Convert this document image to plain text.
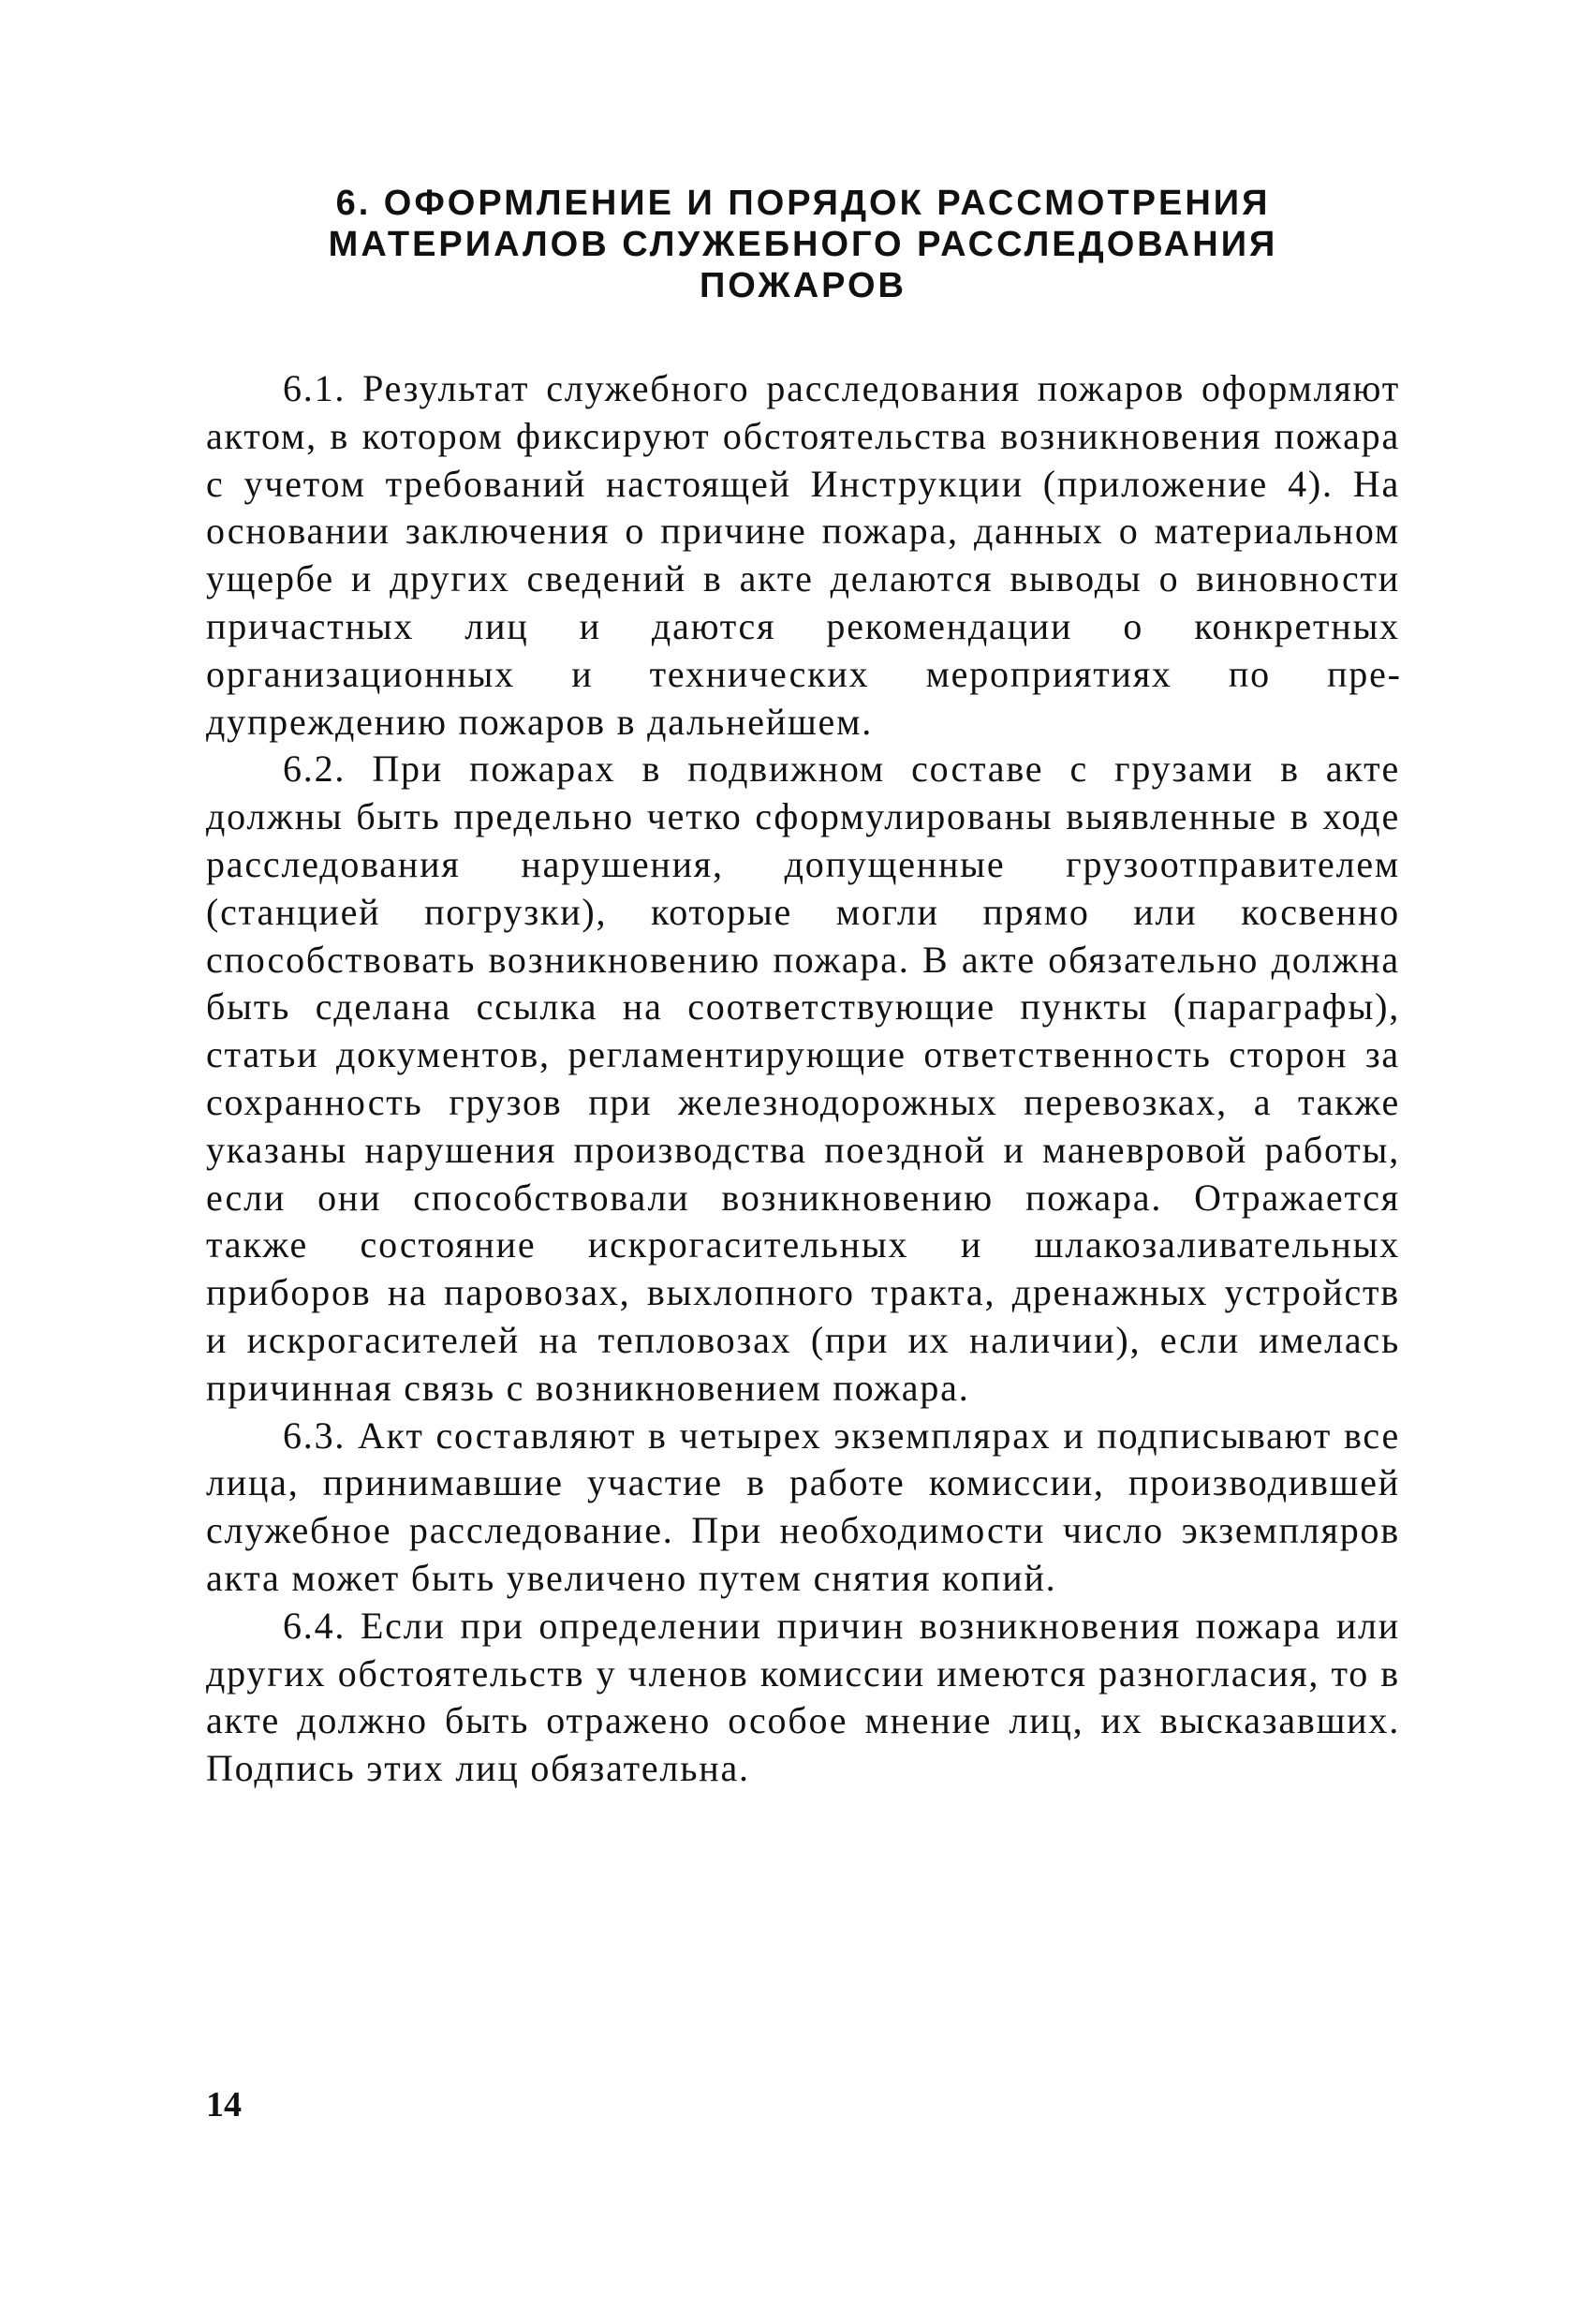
6. ОФОРМЛЕНИЕ И ПОРЯДОК РАССМОТРЕНИЯ
МАТЕРИАЛОВ СЛУЖЕБНОГО РАССЛЕДОВАНИЯ
ПОЖАРОВ

6.1. Результат служебного расследования пожаров оформляют актом, в котором фиксируют обстоятельства возникновения пожара с учетом требований настоящей Инструкции (приложение 4). На основании заключения о причине пожара, данных о материальном ущербе и других сведений в акте делаются выводы о виновности причастных лиц и даются рекомендации о конкретных организационных и технических мероприятиях по предупреждению пожаров в дальнейшем.

6.2. При пожарах в подвижном составе с грузами в акте должны быть предельно четко сформулированы выявленные в ходе расследования нарушения, допущенные грузоотправителем (станцией погрузки), которые могли прямо или косвенно способствовать возникновению пожара. В акте обязательно должна быть сделана ссылка на соответствующие пункты (параграфы), статьи документов, регламентирующие ответственность сторон за сохранность грузов при железнодорожных перевозках, а также указаны нарушения производства поездной и маневровой работы, если они способствовали возникновению пожара. Отражается также состояние искрогасительных и шлакозаливательных приборов на паровозах, выхлопного тракта, дренажных устройств и искрогасителей на тепловозах (при их наличии), если имелась причинная связь с возникновением пожара.

6.3. Акт составляют в четырех экземплярах и подписывают все лица, принимавшие участие в работе комиссии, производившей служебное расследование. При необходимости число экземпляров акта может быть увеличено путем снятия копий.

6.4. Если при определении причин возникновения пожара или других обстоятельств у членов комиссии имеются разногласия, то в акте должно быть отражено особое мнение лиц, их высказавших. Подпись этих лиц обязательна.

14
